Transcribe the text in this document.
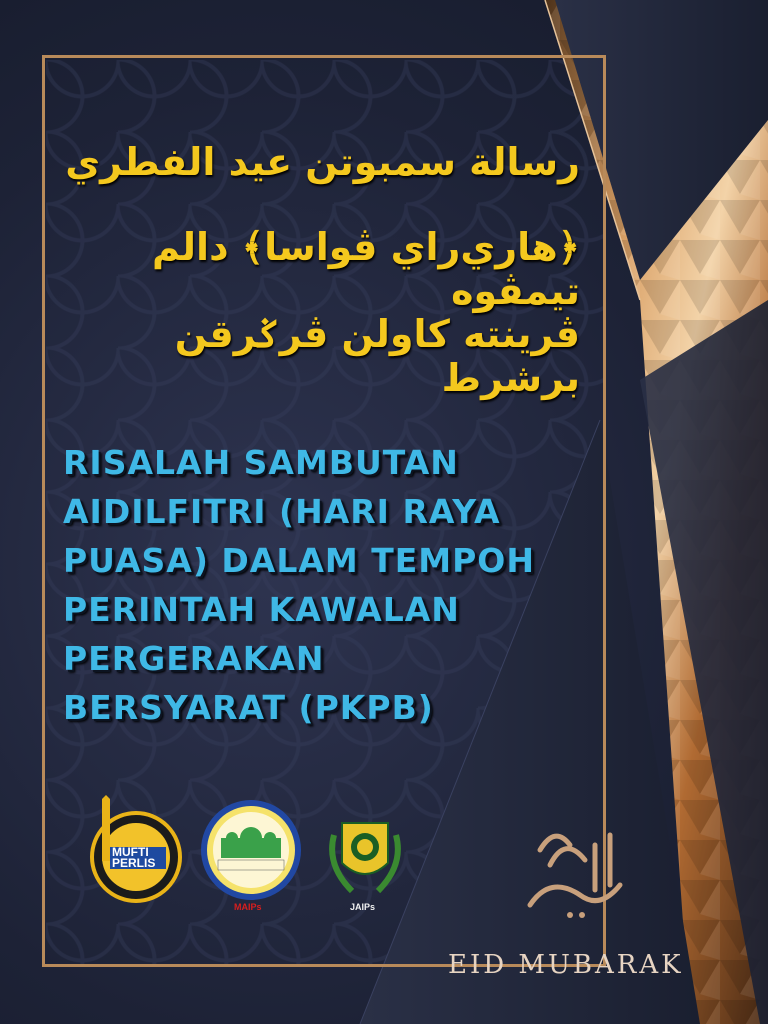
رسالة سمبوتن عيد الفطري
﴿هاري‌راي ڤواسا﴾ دالم تيمڤوه
ڤرينته کاولن ڤرݢرقن برشرط
RISALAH SAMBUTAN
AIDILFITRI (HARI RAYA
PUASA) DALAM TEMPOH
PERINTAH KAWALAN
PERGERAKAN
BERSYARAT (PKPB)
MUFTI
PERLIS
MAIPs	JAIPs
EID MUBARAK
